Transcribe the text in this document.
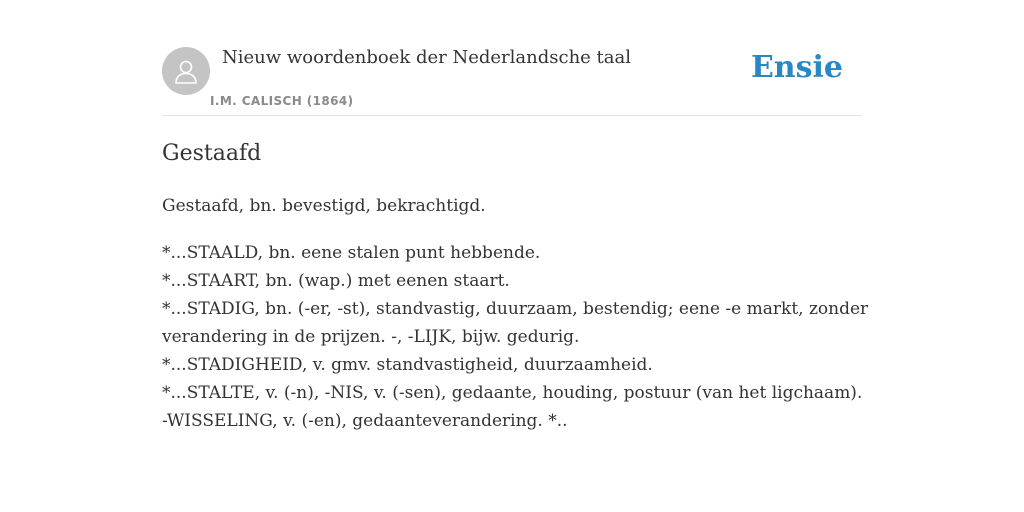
Nieuw woordenboek der Nederlandsche taal
I.M. CALISCH (1864)
Ensie
Gestaafd
Gestaafd, bn. bevestigd, bekrachtigd.
*...STAALD, bn. eene stalen punt hebbende.
*...STAART, bn. (wap.) met eenen staart.
*...STADIG, bn. (-er, -st), standvastig, duurzaam, bestendig; eene -e markt, zonder
verandering in de prijzen. -, -LIJK, bijw. gedurig.
*...STADIGHEID, v. gmv. standvastigheid, duurzaamheid.
*...STALTE, v. (-n), -NIS, v. (-sen), gedaante, houding, postuur (van het ligchaam).
-WISSELING, v. (-en), gedaanteverandering. *..
